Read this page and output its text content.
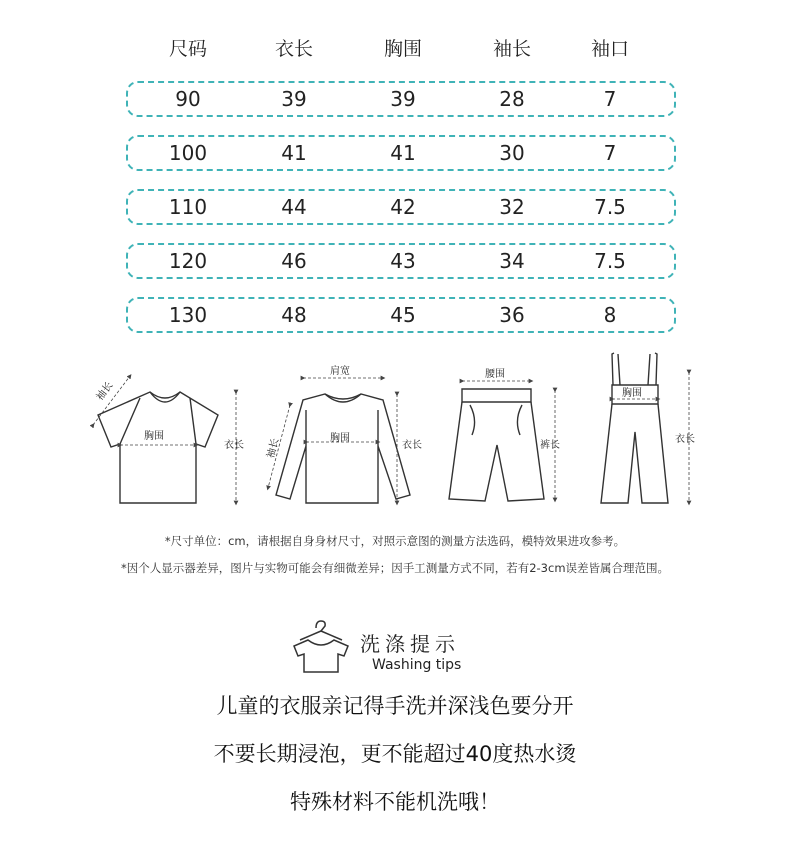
尺码	衣长	胸围	袖长	袖口
90	39	39	28	7
100	41	41	30	7
110	44	42	32	7.5
120	46	43	34	7.5
130	48	45	36	8
袖长
胸围
衣长
肩宽
胸围
袖长	衣长
腰围
裤长
胸围
衣长
*尺寸单位：cm，请根据自身身材尺寸，对照示意图的测量方法选码，模特效果进攻参考。
*因个人显示器差异，图片与实物可能会有细微差异；因手工测量方式不同，若有2-3cm误差皆属合理范围。
洗涤提示
Washing tips
儿童的衣服亲记得手洗并深浅色要分开
不要长期浸泡，更不能超过40度热水烫
特殊材料不能机洗哦！
